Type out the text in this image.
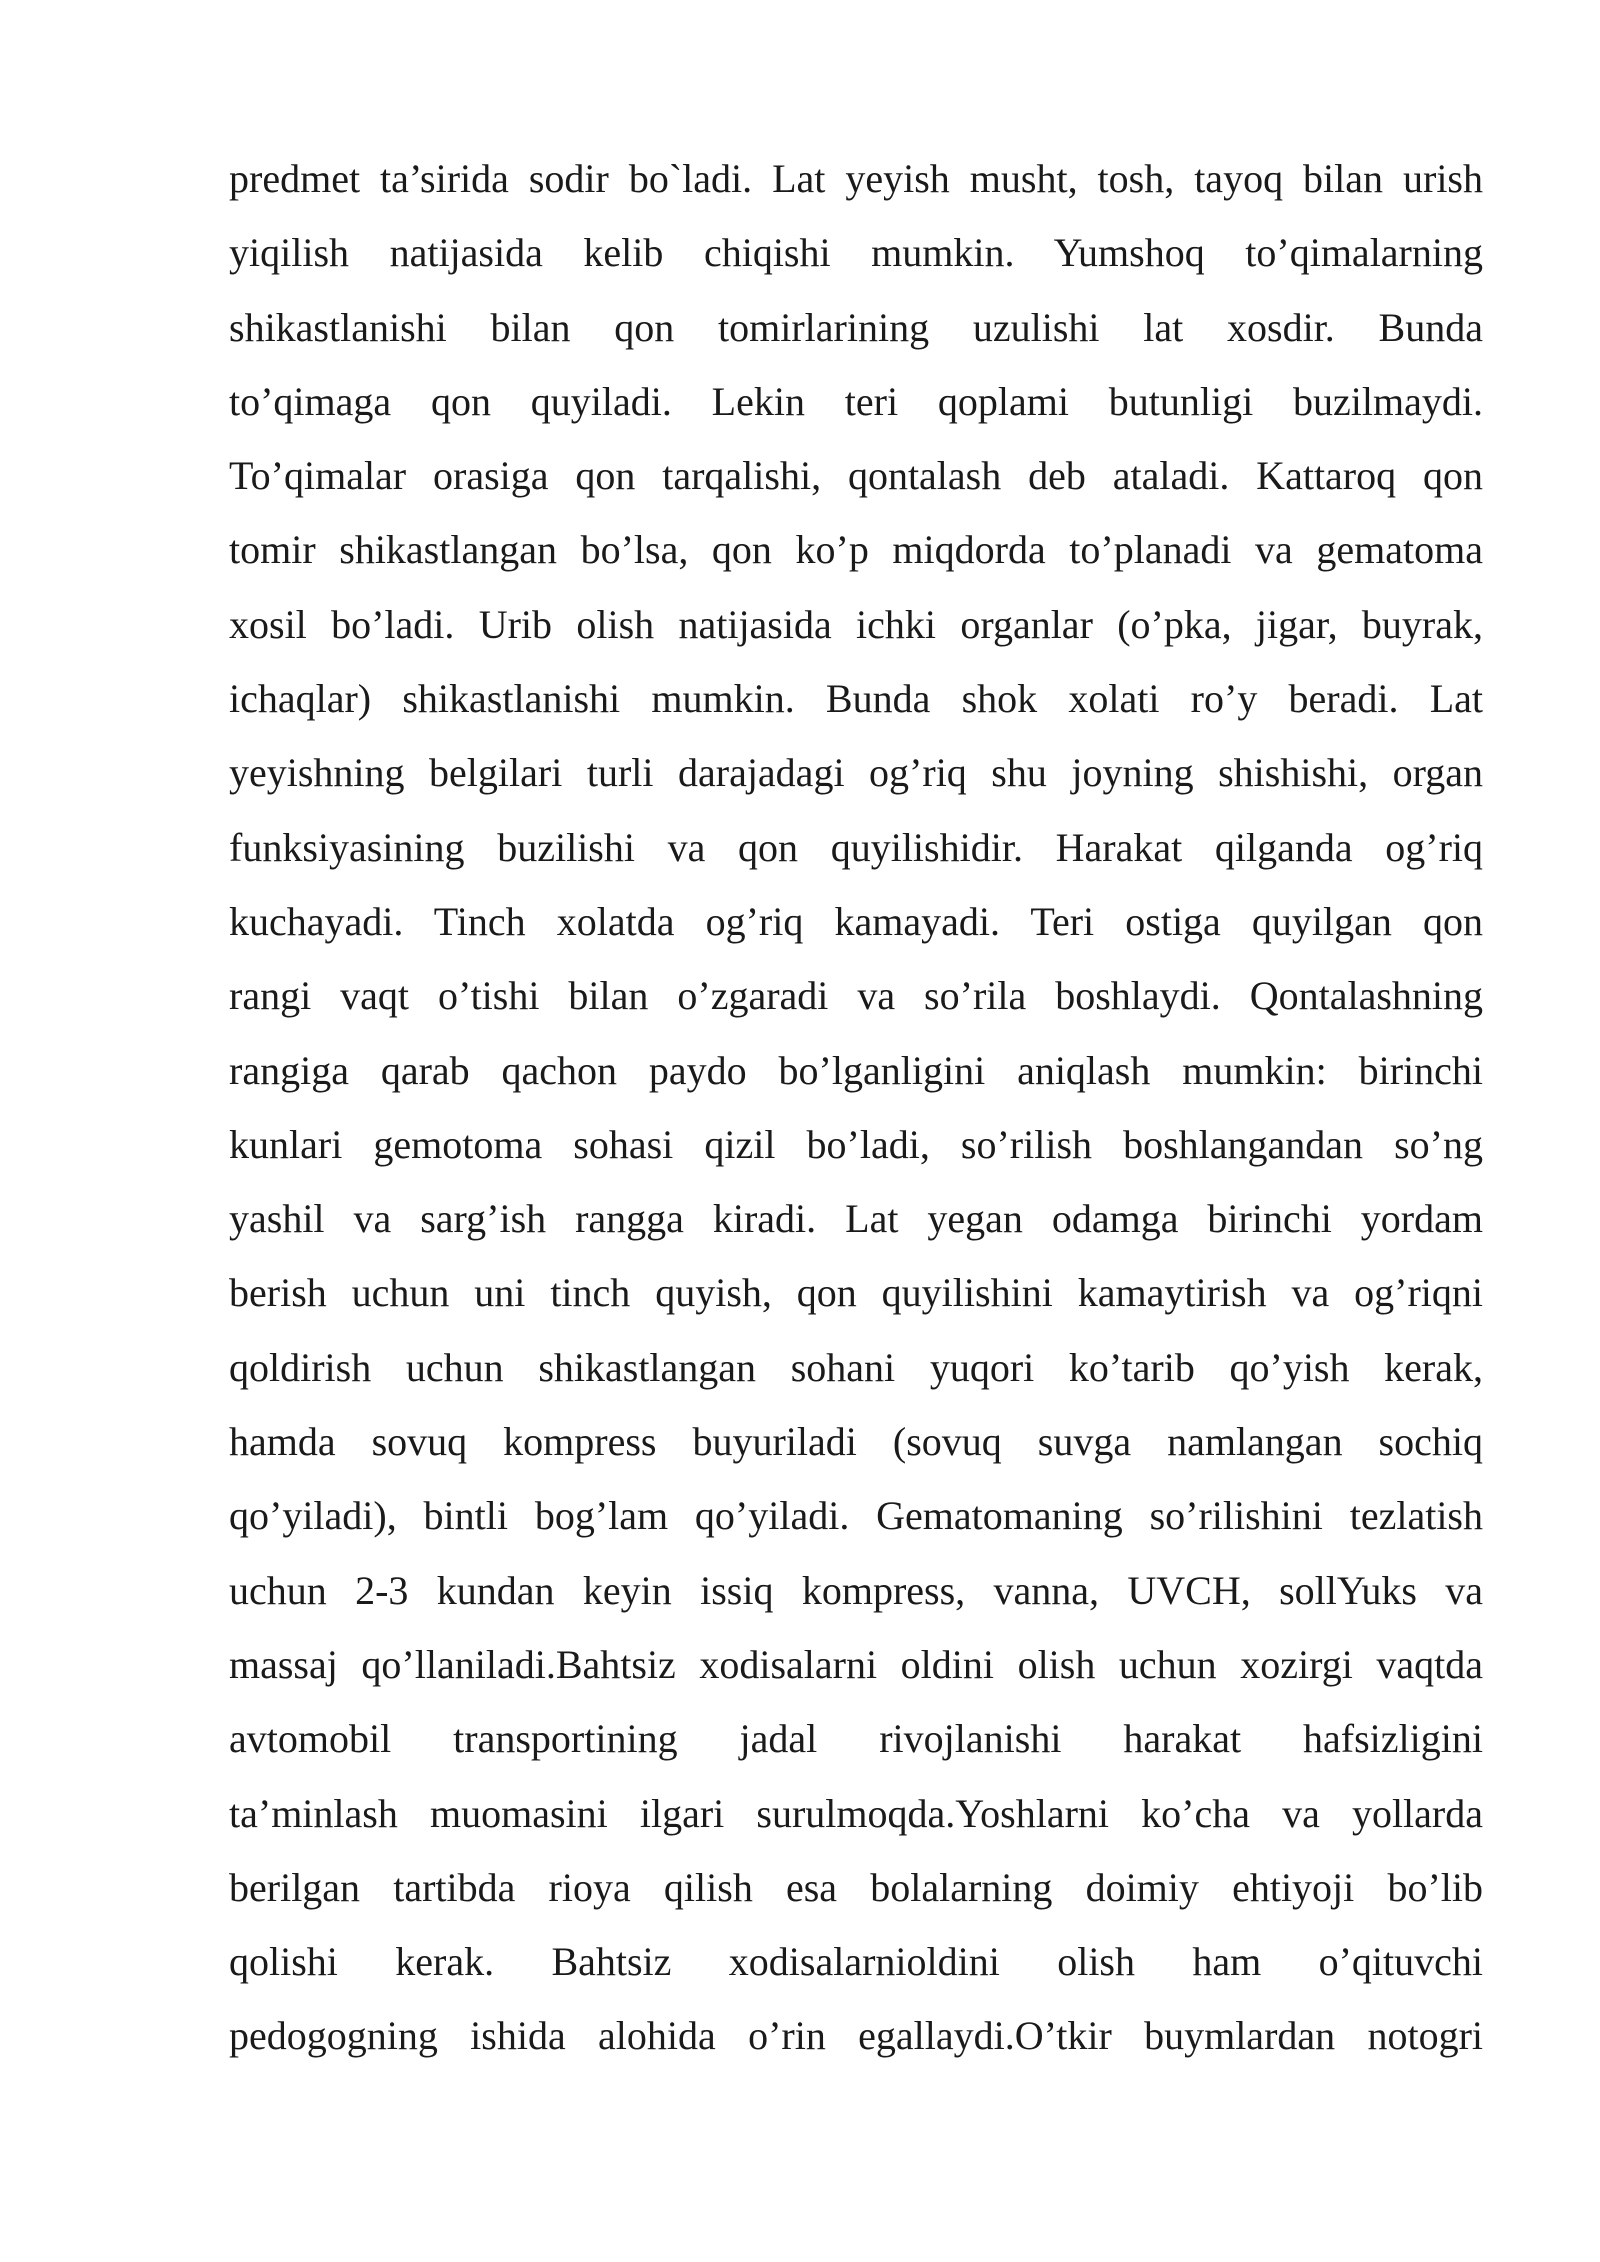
predmet ta’sirida sodir bo`ladi. Lat yeyish musht, tosh, tayoq bilan urish
yiqilish natijasida kelib chiqishi mumkin. Yumshoq to’qimalarning
shikastlanishi bilan qon tomirlarining uzulishi lat xosdir. Bunda
to’qimaga qon quyiladi. Lekin teri qoplami butunligi buzilmaydi.
To’qimalar orasiga qon tarqalishi, qontalash deb ataladi. Kattaroq qon
tomir shikastlangan bo’lsa, qon ko’p miqdorda to’planadi va gematoma
xosil bo’ladi. Urib olish natijasida ichki organlar (o’pka, jigar, buyrak,
ichaqlar) shikastlanishi mumkin. Bunda shok xolati ro’y beradi. Lat
yeyishning belgilari turli darajadagi og’riq shu joyning shishishi, organ
funksiyasining buzilishi va qon quyilishidir. Harakat qilganda og’riq
kuchayadi. Tinch xolatda og’riq kamayadi. Teri ostiga quyilgan qon
rangi vaqt o’tishi bilan o’zgaradi va so’rila boshlaydi. Qontalashning
rangiga qarab qachon paydo bo’lganligini aniqlash mumkin: birinchi
kunlari gemotoma sohasi qizil bo’ladi, so’rilish boshlangandan so’ng
yashil va sarg’ish rangga kiradi. Lat yegan odamga birinchi yordam
berish uchun uni tinch quyish, qon quyilishini kamaytirish va og’riqni
qoldirish uchun shikastlangan sohani yuqori ko’tarib qo’yish kerak,
hamda sovuq kompress buyuriladi (sovuq suvga namlangan sochiq
qo’yiladi), bintli bog’lam qo’yiladi. Gematomaning so’rilishini tezlatish
uchun 2-3 kundan keyin issiq kompress, vanna, UVCH, sollYuks va
massaj qo’llaniladi.Bahtsiz xodisalarni oldini olish uchun xozirgi vaqtda
avtomobil transportining jadal rivojlanishi harakat hafsizligini
ta’minlash muomasini ilgari surulmoqda.Yoshlarni ko’cha va yollarda
berilgan tartibda rioya qilish esa bolalarning doimiy ehtiyoji bo’lib
qolishi kerak. Bahtsiz xodisalarnioldini olish ham o’qituvchi
pedogogning ishida alohida o’rin egallaydi.O’tkir buymlardan notogri
